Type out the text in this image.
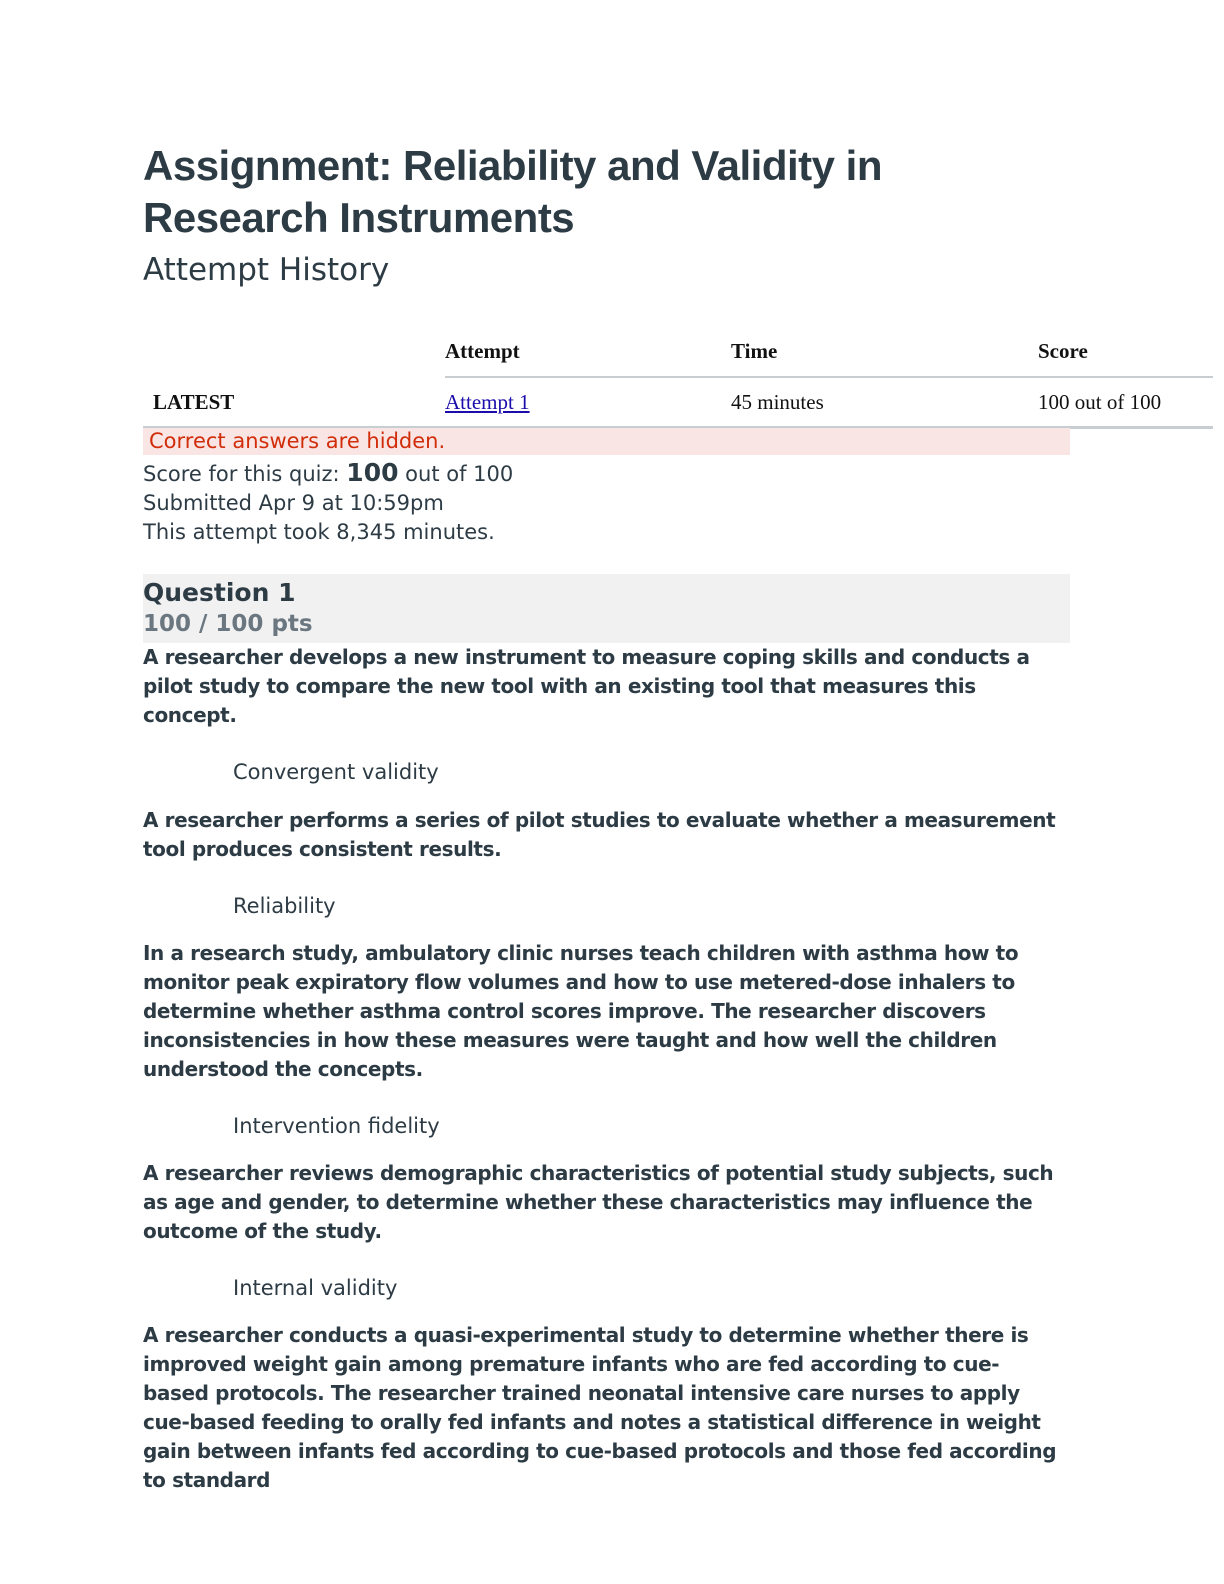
Assignment: Reliability and Validity in Research Instruments
Attempt History
	Attempt	Time	Score
LATEST	Attempt 1	45 minutes	100 out of 100
Correct answers are hidden.
Score for this quiz: 100 out of 100
Submitted Apr 9 at 10:59pm
This attempt took 8,345 minutes.
Question 1
100 / 100 pts

A researcher develops a new instrument to measure coping skills and conducts a pilot study to compare the new tool with an existing tool that measures this concept.

Convergent validity

A researcher performs a series of pilot studies to evaluate whether a measurement tool produces consistent results.

Reliability

In a research study, ambulatory clinic nurses teach children with asthma how to monitor peak expiratory flow volumes and how to use metered-dose inhalers to determine whether asthma control scores improve. The researcher discovers inconsistencies in how these measures were taught and how well the children understood the concepts.

Intervention fidelity

A researcher reviews demographic characteristics of potential study subjects, such as age and gender, to determine whether these characteristics may influence the outcome of the study.

Internal validity

A researcher conducts a quasi-experimental study to determine whether there is improved weight gain among premature infants who are fed according to cue-based protocols. The researcher trained neonatal intensive care nurses to apply cue-based feeding to orally fed infants and notes a statistical difference in weight gain between infants fed according to cue-based protocols and those fed according to standard
